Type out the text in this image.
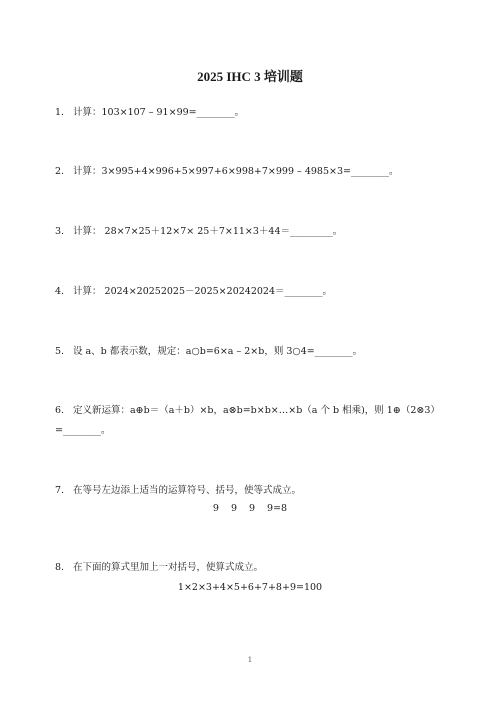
2025 IHC 3 培训题
1. 计算：103×107 – 91×99=________。
2. 计算：3×995+4×996+5×997+6×998+7×999 – 4985×3=________。
3. 计算： 28×7×25＋12×7× 25＋7×11×3＋44＝_________。
4. 计算： 2024×20252025－2025×20242024＝________。
5. 设 a、b 都表示数，规定：a○b=6×a – 2×b，则 3○4=________。
6. 定义新运算：a⊕b＝（a＋b）×b，a⊗b=b×b×…×b（a 个 b 相乘)，则 1⊕（2⊗3）
=________。
7. 在等号左边添上适当的运算符号、括号，使等式成立。
9 9 9 9=8
8. 在下面的算式里加上一对括号，使算式成立。
1×2×3+4×5+6+7+8+9=100
1
